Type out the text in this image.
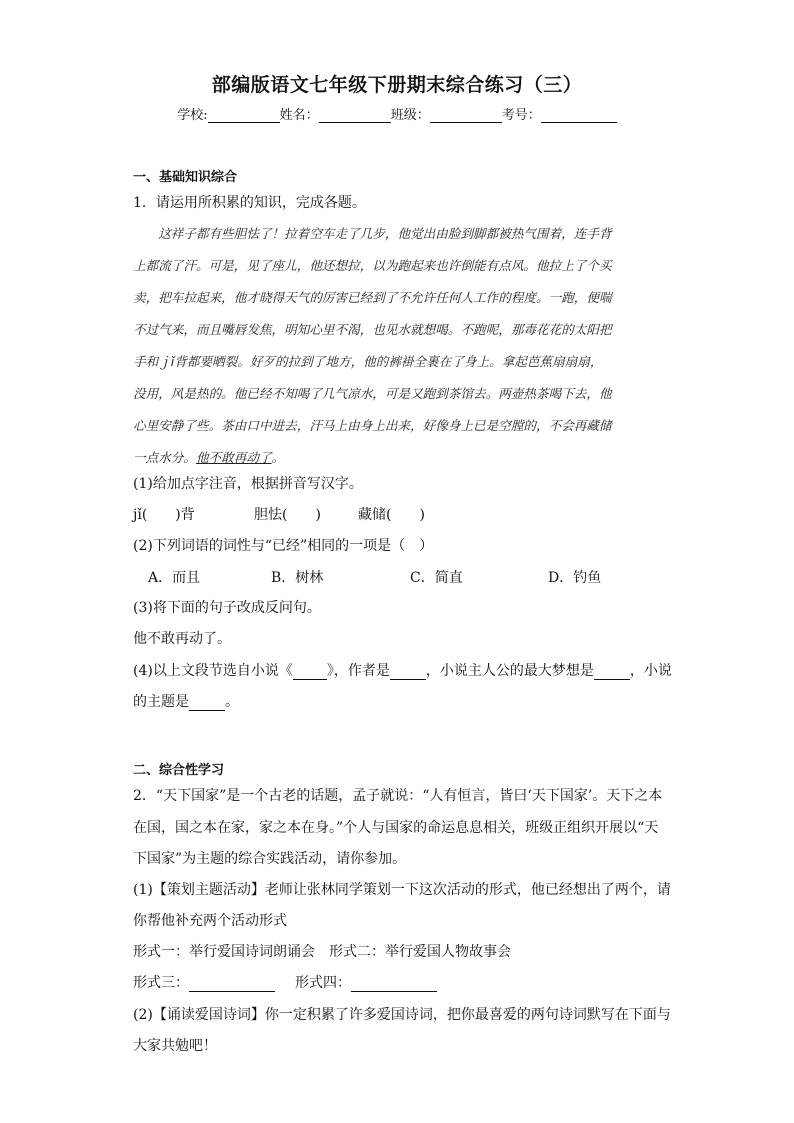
部编版语文七年级下册期末综合练习（三）
学校:	姓名：	班级：	考号：
一、基础知识综合
1．请运用所积累的知识，完成各题。

这祥子都有些胆怯了！拉着空车走了几步，他觉出由脸到脚都被热气围着，连手背

上都流了汗。可是，见了座儿，他还想拉，以为跑起来也许倒能有点风。他拉上了个买

卖，把车拉起来，他才晓得天气的厉害已经到了不允许任何人工作的程度。一跑，便喘

不过气来，而且嘴唇发焦，明知心里不渴，也见水就想喝。不跑呢，那毒花花的太阳把

手和ｊǐ背都要晒裂。好歹的拉到了地方，他的裤褂全裹在了身上。拿起芭蕉扇扇扇，

没用，风是热的。他已经不知喝了几气凉水，可是又跑到茶馆去。两壶热茶喝下去，他

心里安静了些。茶由口中进去，汗马上由身上出来，好像身上已是空膛的，不会再藏储

一点水分。他不敢再动了。

(1)给加点字注音，根据拼音写汉字。
jǐ(　　)背	胆怯(　　)	藏储(　　)
(2)下列词语的词性与“已经”相同的一项是（　）
A．而且	B．树林	C．简直	D．钓鱼
(3)将下面的句子改成反问句。
他不敢再动了。
(4)以上文段节选自小说《 》，作者是	，小说主人公的最大梦想是	，小说
的主题是	。
二、综合性学习
2．“天下国家”是一个古老的话题，孟子就说：“人有恒言，皆曰‘天下国家’。天下之本
在国，国之本在家，家之本在身。”个人与国家的命运息息相关，班级正组织开展以“天
下国家”为主题的综合实践活动，请你参加。
(1)【策划主题活动】老师让张林同学策划一下这次活动的形式，他已经想出了两个，请
你帮他补充两个活动形式
形式一：举行爱国诗词朗诵会　形式二：举行爱国人物故事会
形式三：	形式四：
(2)【诵读爱国诗词】你一定积累了许多爱国诗词，把你最喜爱的两句诗词默写在下面与
大家共勉吧！
